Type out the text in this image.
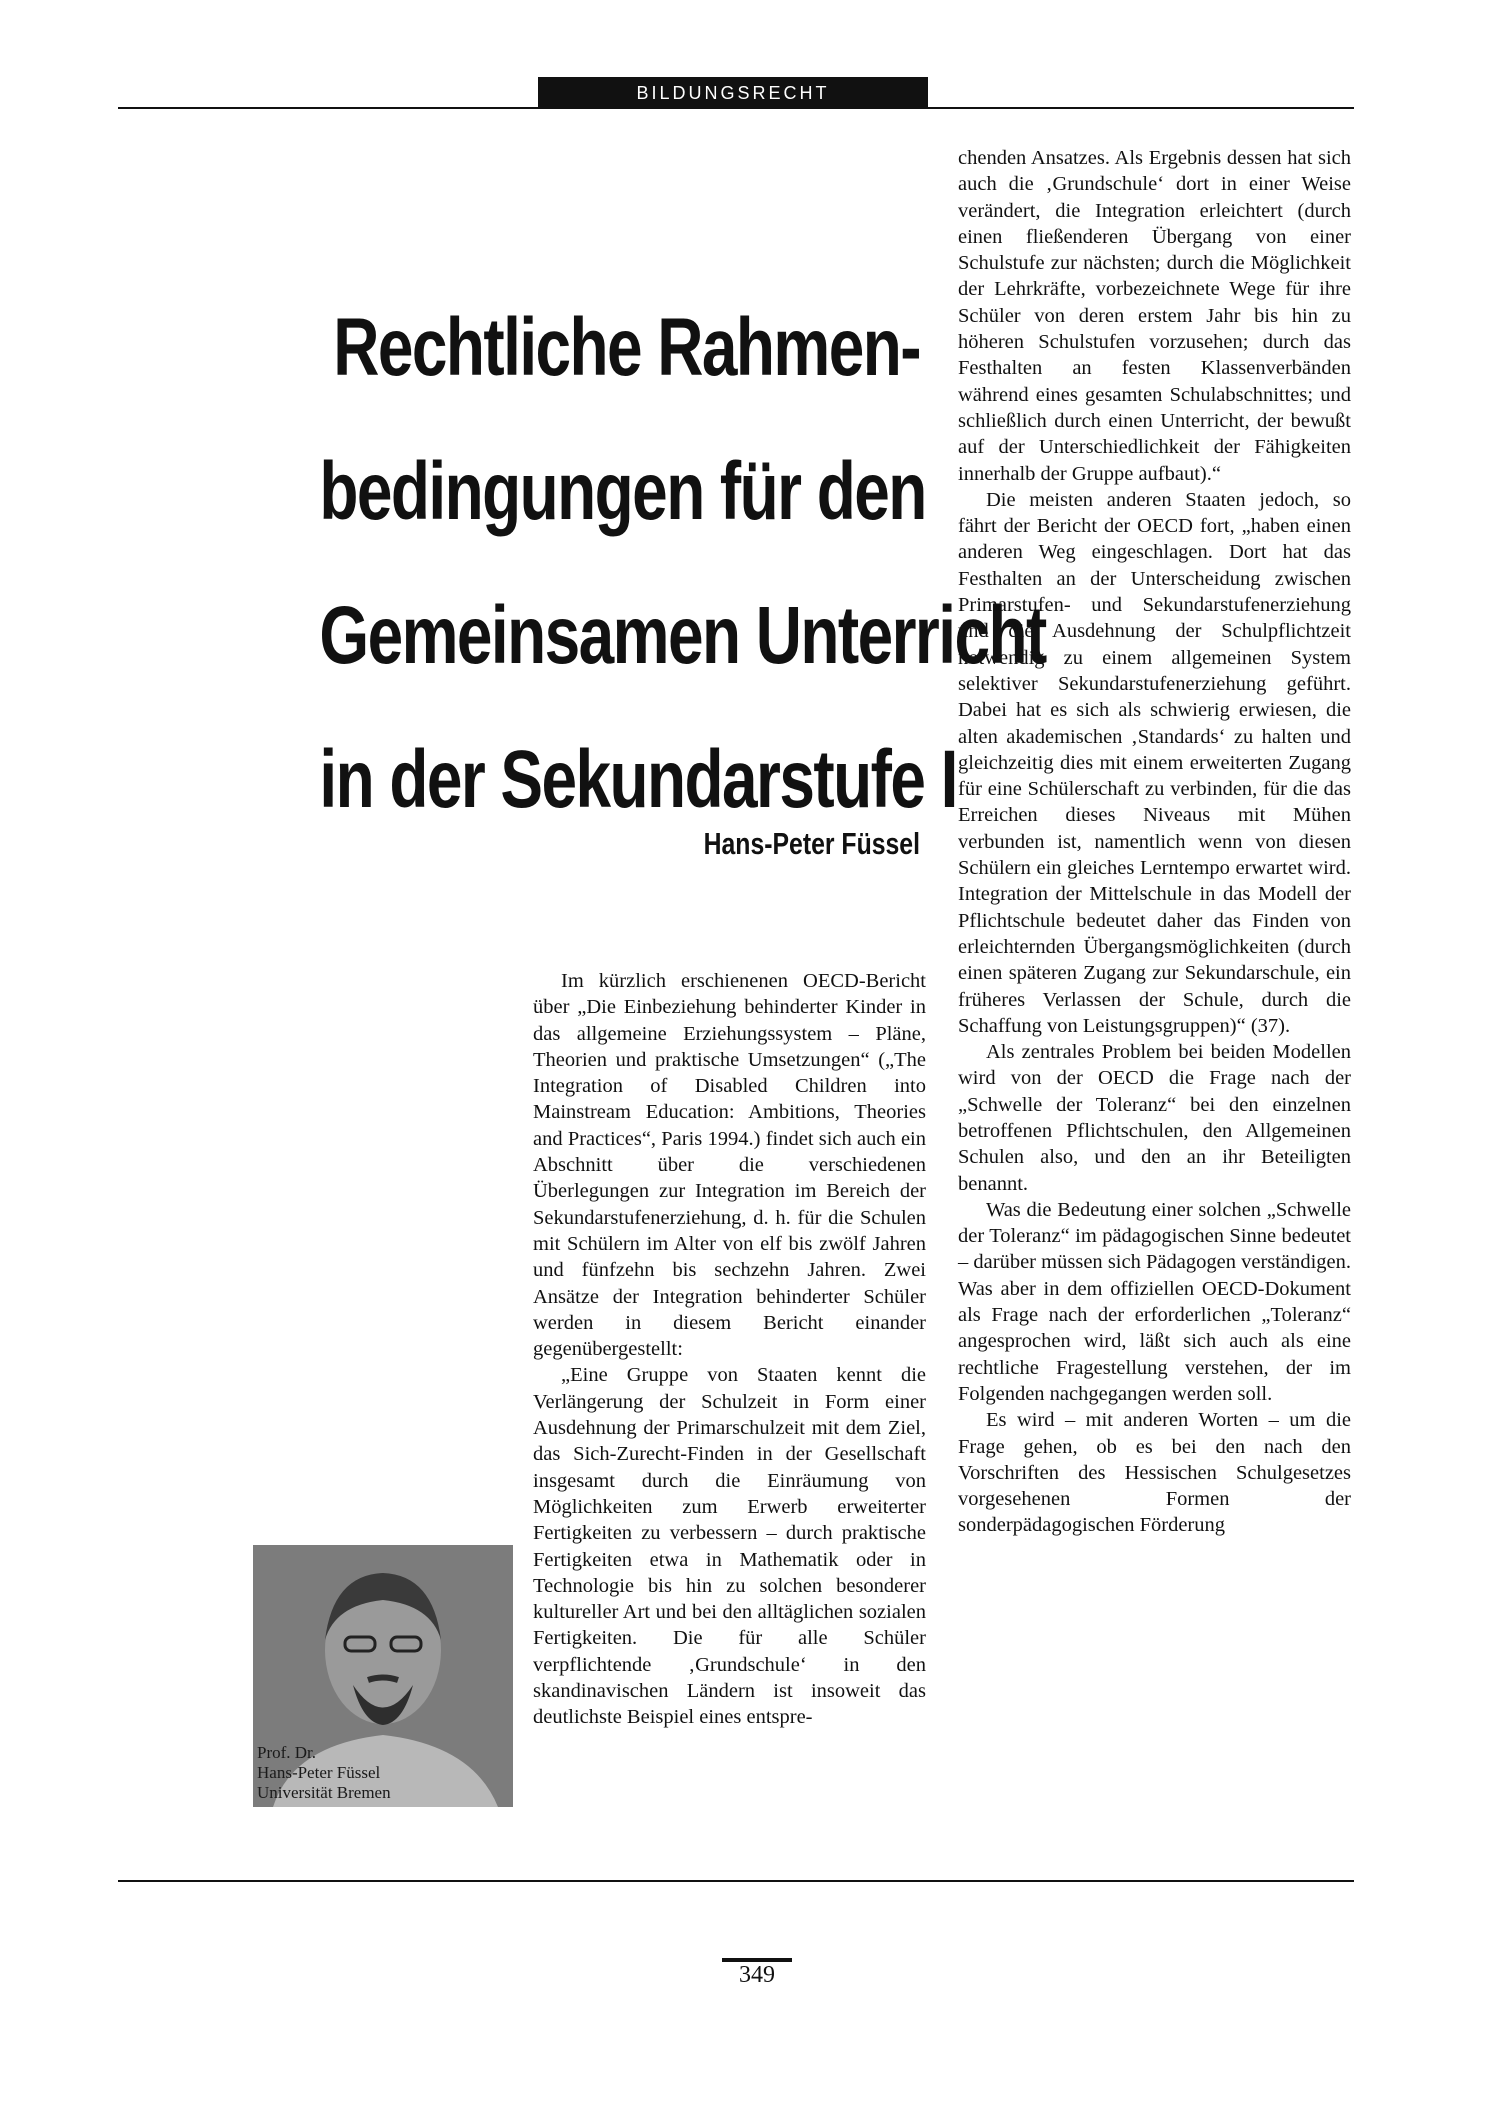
BILDUNGSRECHT
Rechtliche Rahmen-
bedingungen für den
Gemeinsamen Unterricht
in der Sekundarstufe I
Hans-Peter Füssel

Im kürzlich erschienenen OECD-Bericht über „Die Einbeziehung behinderter Kinder in das allgemeine Erziehungssystem – Pläne, Theorien und praktische Umsetzungen“ („The Integration of Disabled Children into Mainstream Education: Ambitions, Theories and Practices“, Paris 1994.) findet sich auch ein Abschnitt über die verschiedenen Überlegungen zur Integration im Bereich der Sekundarstufenerziehung, d. h. für die Schulen mit Schülern im Alter von elf bis zwölf Jahren und fünfzehn bis sechzehn Jahren. Zwei Ansätze der Integration behinderter Schüler werden in diesem Bericht einander gegenübergestellt:

„Eine Gruppe von Staaten kennt die Verlängerung der Schulzeit in Form einer Ausdehnung der Primarschulzeit mit dem Ziel, das Sich-Zurecht-Finden in der Gesellschaft insgesamt durch die Einräumung von Möglichkeiten zum Erwerb erweiterter Fertigkeiten zu verbessern – durch praktische Fertigkeiten etwa in Mathematik oder in Technologie bis hin zu solchen besonderer kultureller Art und bei den alltäglichen sozialen Fertigkeiten. Die für alle Schüler verpflichtende ‚Grundschule‘ in den skandinavischen Ländern ist insoweit das deutlichste Beispiel eines entspre-

chenden Ansatzes. Als Ergebnis dessen hat sich auch die ‚Grundschule‘ dort in einer Weise verändert, die Integration erleichtert (durch einen fließenderen Übergang von einer Schulstufe zur nächsten; durch die Möglichkeit der Lehrkräfte, vorbezeichnete Wege für ihre Schüler von deren erstem Jahr bis hin zu höheren Schulstufen vorzusehen; durch das Festhalten an festen Klassenverbänden während eines gesamten Schulabschnittes; und schließlich durch einen Unterricht, der bewußt auf der Unterschiedlichkeit der Fähigkeiten innerhalb der Gruppe aufbaut).“

Die meisten anderen Staaten jedoch, so fährt der Bericht der OECD fort, „haben einen anderen Weg eingeschlagen. Dort hat das Festhalten an der Unterscheidung zwischen Primarstufen- und Sekundarstufenerziehung und die Ausdehnung der Schulpflichtzeit notwendig zu einem allgemeinen System selektiver Sekundarstufenerziehung geführt. Dabei hat es sich als schwierig erwiesen, die alten akademischen ‚Standards‘ zu halten und gleichzeitig dies mit einem erweiterten Zugang für eine Schülerschaft zu verbinden, für die das Erreichen dieses Niveaus mit Mühen verbunden ist, namentlich wenn von diesen Schülern ein gleiches Lerntempo erwartet wird. Integration der Mittelschule in das Modell der Pflichtschule bedeutet daher das Finden von erleichternden Übergangsmöglichkeiten (durch einen späteren Zugang zur Sekundarschule, ein früheres Verlassen der Schule, durch die Schaffung von Leistungsgruppen)“ (37).

Als zentrales Problem bei beiden Modellen wird von der OECD die Frage nach der „Schwelle der Toleranz“ bei den einzelnen betroffenen Pflichtschulen, den Allgemeinen Schulen also, und den an ihr Beteiligten benannt.

Was die Bedeutung einer solchen „Schwelle der Toleranz“ im pädagogischen Sinne bedeutet – darüber müssen sich Pädagogen verständigen. Was aber in dem offiziellen OECD-Dokument als Frage nach der erforderlichen „Toleranz“ angesprochen wird, läßt sich auch als eine rechtliche Fragestellung verstehen, der im Folgenden nachgegangen werden soll.

Es wird – mit anderen Worten – um die Frage gehen, ob es bei den nach den Vorschriften des Hessischen Schulgesetzes vorgesehenen Formen der sonderpädagogischen Förderung

Prof. Dr.
Hans-Peter Füssel
Universität Bremen
349
